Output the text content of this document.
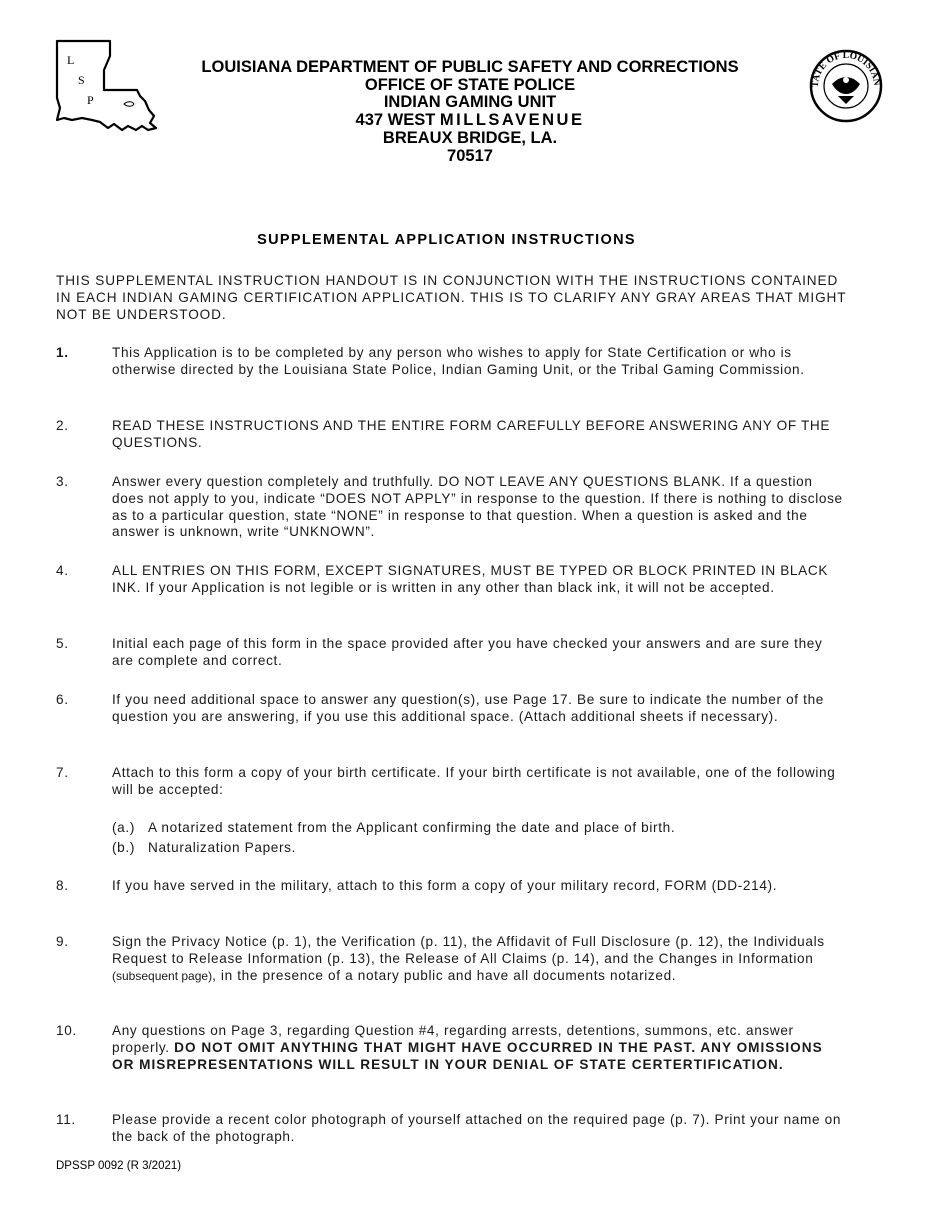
L
S
P
TATE OF LOUISIAN
LOUISIANA DEPARTMENT OF PUBLIC SAFETY AND CORRECTIONS
OFFICE OF STATE POLICE
INDIAN GAMING UNIT
437 WEST MILLSAVENUE
BREAUX BRIDGE, LA.
70517
SUPPLEMENTAL APPLICATION INSTRUCTIONS

THIS SUPPLEMENTAL INSTRUCTION HANDOUT IS IN CONJUNCTION WITH THE INSTRUCTIONS CONTAINED IN EACH INDIAN GAMING CERTIFICATION APPLICATION. THIS IS TO CLARIFY ANY GRAY AREAS THAT MIGHT NOT BE UNDERSTOOD.

1.	This Application is to be completed by any person who wishes to apply for State Certification or who is otherwise directed by the Louisiana State Police, Indian Gaming Unit, or the Tribal Gaming Commission.
2.	READ THESE INSTRUCTIONS AND THE ENTIRE FORM CAREFULLY BEFORE ANSWERING ANY OF THE QUESTIONS.
3.	Answer every question completely and truthfully. DO NOT LEAVE ANY QUESTIONS BLANK. If a question does not apply to you, indicate “DOES NOT APPLY” in response to the question. If there is nothing to disclose as to a particular question, state “NONE” in response to that question. When a question is asked and the answer is unknown, write “UNKNOWN”.
4.	ALL ENTRIES ON THIS FORM, EXCEPT SIGNATURES, MUST BE TYPED OR BLOCK PRINTED IN BLACK INK. If your Application is not legible or is written in any other than black ink, it will not be accepted.
5.	Initial each page of this form in the space provided after you have checked your answers and are sure they are complete and correct.
6.	If you need additional space to answer any question(s), use Page 17. Be sure to indicate the number of the question you are answering, if you use this additional space. (Attach additional sheets if necessary).
7.	Attach to this form a copy of your birth certificate. If your birth certificate is not available, one of the following will be accepted:
(a.) A notarized statement from the Applicant confirming the date and place of birth.
(b.) Naturalization Papers.
8.	If you have served in the military, attach to this form a copy of your military record, FORM (DD-214).
9.	Sign the Privacy Notice (p. 1), the Verification (p. 11), the Affidavit of Full Disclosure (p. 12), the Individuals Request to Release Information (p. 13), the Release of All Claims (p. 14), and the Changes in Information (subsequent page), in the presence of a notary public and have all documents notarized.
10.	Any questions on Page 3, regarding Question #4, regarding arrests, detentions, summons, etc. answer properly. DO NOT OMIT ANYTHING THAT MIGHT HAVE OCCURRED IN THE PAST. ANY OMISSIONS OR MISREPRESENTATIONS WILL RESULT IN YOUR DENIAL OF STATE CERTERTIFICATION.
11.	Please provide a recent color photograph of yourself attached on the required page (p. 7). Print your name on the back of the photograph.
DPSSP 0092 (R 3/2021)
